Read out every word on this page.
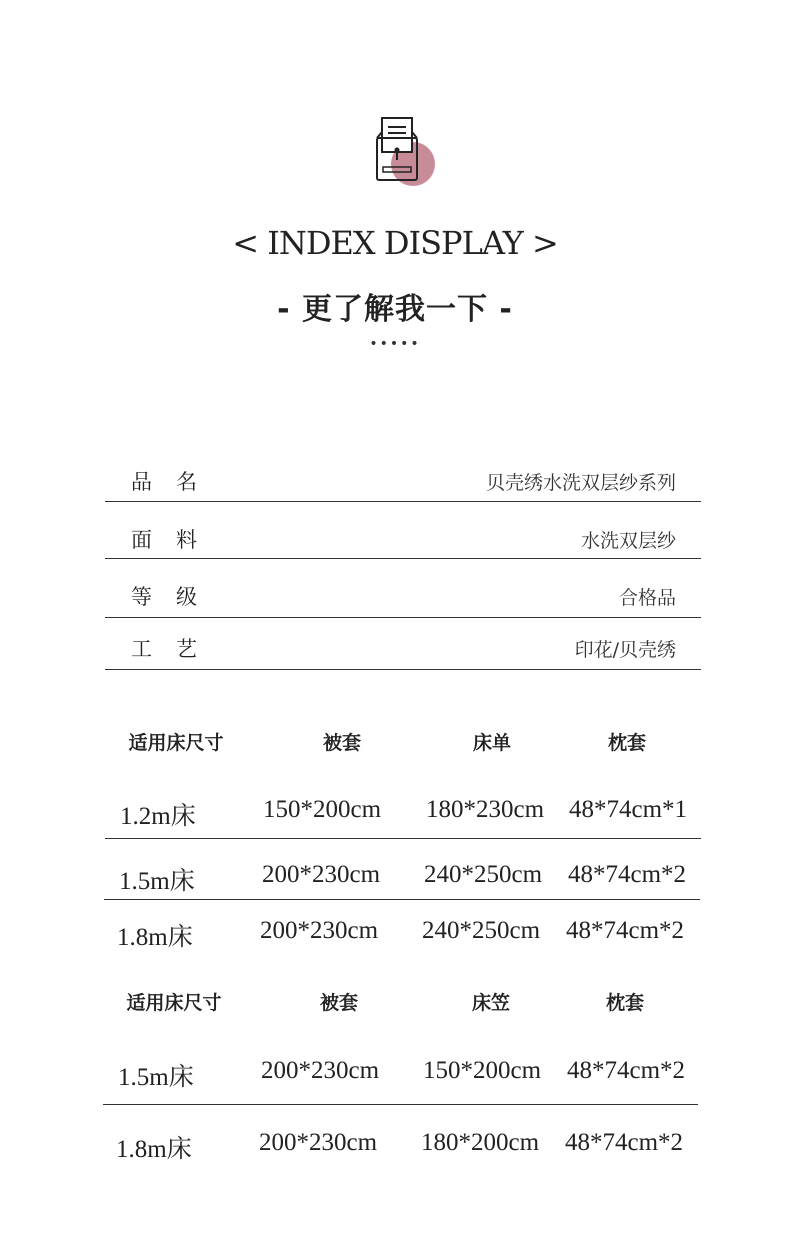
< INDEX DISPLAY >
- 更了解我一下 -
•••••
品名	贝壳绣水洗双层纱系列
面料	水洗双层纱
等级	合格品
工艺	印花/贝壳绣
适用床尺寸	被套	床单	枕套
1.2m床	150*200cm 180*230cm 48*74cm*1
1.5m床	200*230cm 240*250cm 48*74cm*2
1.8m床	200*230cm 240*250cm 48*74cm*2
适用床尺寸	被套	床笠	枕套
1.5m床	200*230cm 150*200cm 48*74cm*2
1.8m床	200*230cm 180*200cm 48*74cm*2
